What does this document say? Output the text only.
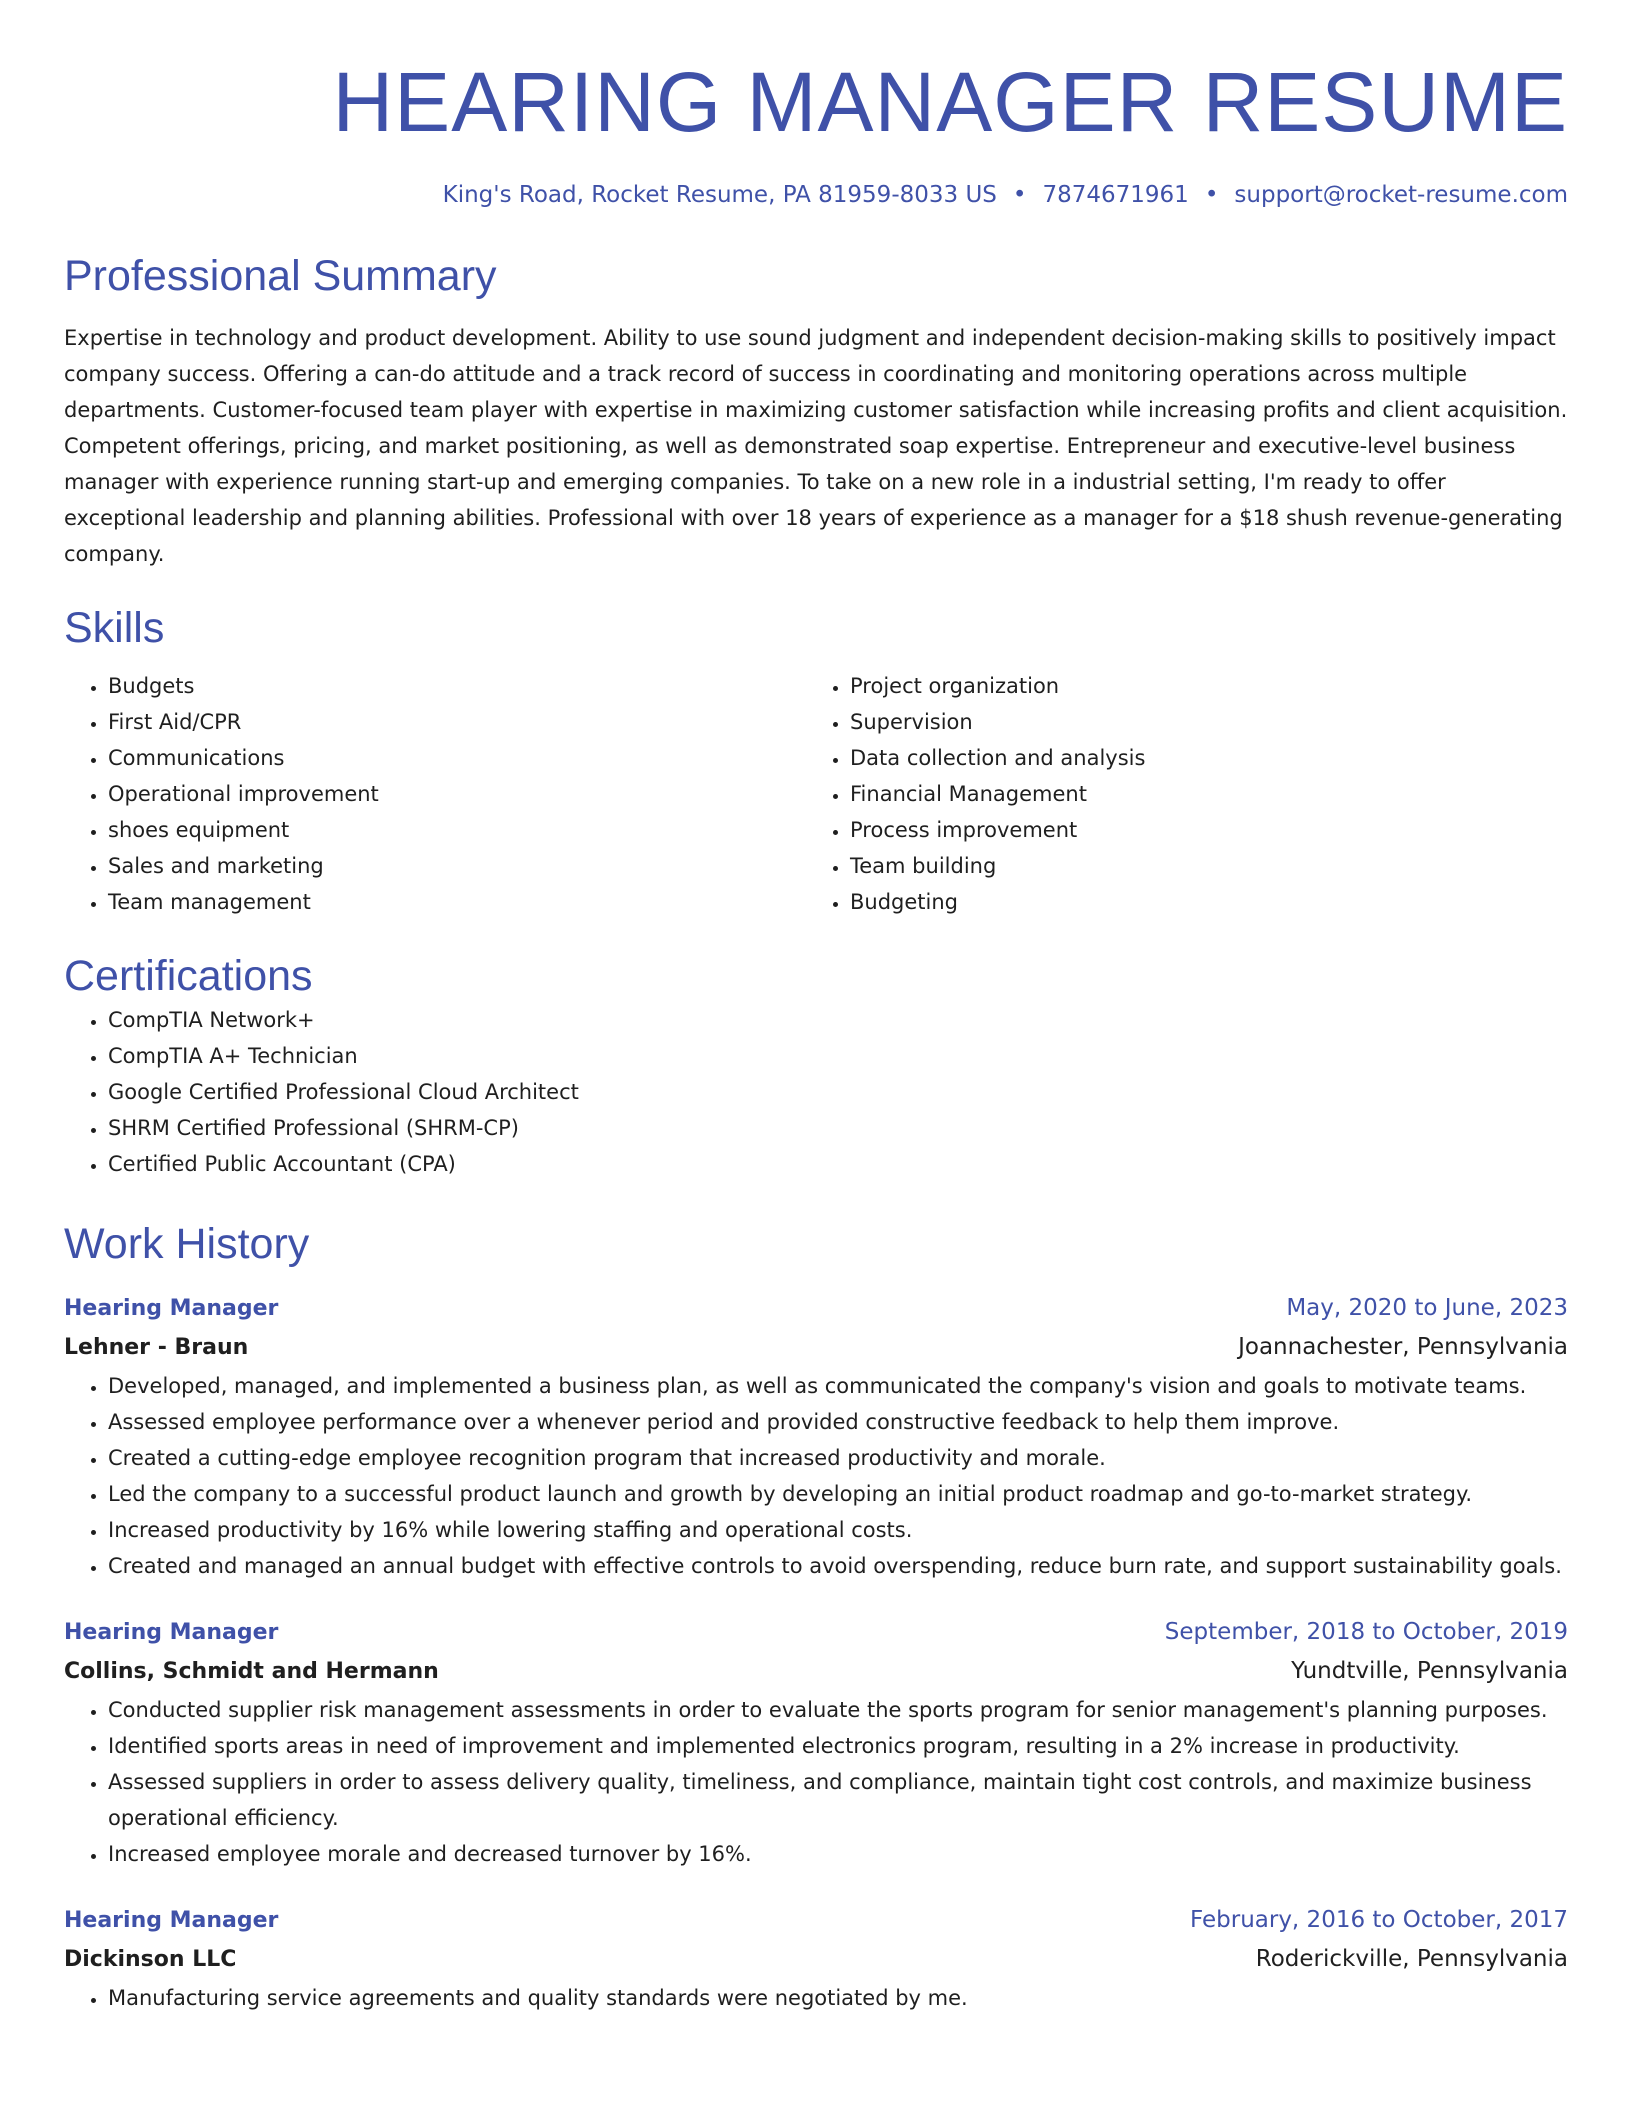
HEARING MANAGER RESUME
King's Road, Rocket Resume, PA 81959-8033 US • 7874671961 • support@rocket-resume.com
Professional Summary

Expertise in technology and product development. Ability to use sound judgment and independent decision-making skills to positively impact company success. Offering a can-do attitude and a track record of success in coordinating and monitoring operations across multiple departments. Customer-focused team player with expertise in maximizing customer satisfaction while increasing profits and client acquisition. Competent offerings, pricing, and market positioning, as well as demonstrated soap expertise. Entrepreneur and executive-level business manager with experience running start-up and emerging companies. To take on a new role in a industrial setting, I'm ready to offer exceptional leadership and planning abilities. Professional with over 18 years of experience as a manager for a $18 shush revenue-generating company.

Skills
• Budgets
• First Aid/CPR
• Communications
• Operational improvement
• shoes equipment
• Sales and marketing
• Team management
• Project organization
• Supervision
• Data collection and analysis
• Financial Management
• Process improvement
• Team building
• Budgeting
Certifications
• CompTIA Network+
• CompTIA A+ Technician
• Google Certified Professional Cloud Architect
• SHRM Certified Professional (SHRM-CP)
• Certified Public Accountant (CPA)
Work History
Hearing Manager	May, 2020 to June, 2023
Lehner - Braun	Joannachester, Pennsylvania
• Developed, managed, and implemented a business plan, as well as communicated the company's vision and goals to motivate teams.
• Assessed employee performance over a whenever period and provided constructive feedback to help them improve.
• Created a cutting-edge employee recognition program that increased productivity and morale.
• Led the company to a successful product launch and growth by developing an initial product roadmap and go-to-market strategy.
• Increased productivity by 16% while lowering staffing and operational costs.
• Created and managed an annual budget with effective controls to avoid overspending, reduce burn rate, and support sustainability goals.
Hearing Manager	September, 2018 to October, 2019
Collins, Schmidt and Hermann	Yundtville, Pennsylvania
• Conducted supplier risk management assessments in order to evaluate the sports program for senior management's planning purposes.
• Identified sports areas in need of improvement and implemented electronics program, resulting in a 2% increase in productivity.
• Assessed suppliers in order to assess delivery quality, timeliness, and compliance, maintain tight cost controls, and maximize business operational efficiency.
• Increased employee morale and decreased turnover by 16%.
Hearing Manager	February, 2016 to October, 2017
Dickinson LLC	Roderickville, Pennsylvania
• Manufacturing service agreements and quality standards were negotiated by me.
